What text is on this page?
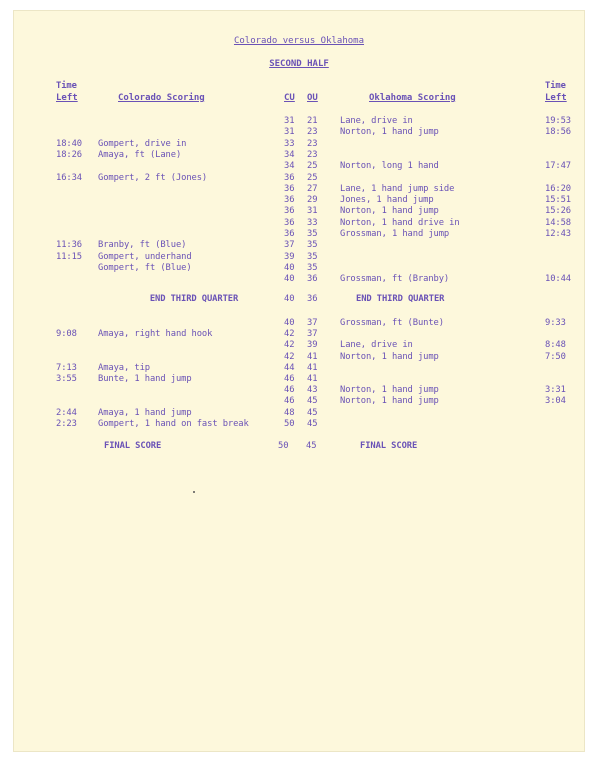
Colorado versus Oklahoma
SECOND HALF
Time
Left	Colorado Scoring	CU OU	Oklahoma Scoring
Time
Left
31 21	Lane, drive in	19:53
31 23	Norton, 1 hand jump	18:56
18:40 Gompert, drive in	33 23
18:26 Amaya, ft (Lane)	34 23
34 25	Norton, long 1 hand	17:47
16:34 Gompert, 2 ft (Jones)	36 25
36 27	Lane, 1 hand jump side	16:20
36 29	Jones, 1 hand jump	15:51
36 31	Norton, 1 hand jump	15:26
36 33	Norton, 1 hand drive in	14:58
36 35	Grossman, 1 hand jump	12:43
11:36 Branby, ft (Blue)	37 35
11:15 Gompert, underhand	39 35
Gompert, ft (Blue)	40 35
40 36	Grossman, ft (Branby)	10:44
END THIRD QUARTER	40 36	END THIRD QUARTER
40 37	Grossman, ft (Bunte)	9:33
9:08 Amaya, right hand hook	42 37
42 39	Lane, drive in	8:48
42 41	Norton, 1 hand jump	7:50
7:13 Amaya, tip	44 41
3:55 Bunte, 1 hand jump	46 41
46 43	Norton, 1 hand jump	3:31
46 45	Norton, 1 hand jump	3:04
2:44 Amaya, 1 hand jump	48 45
2:23 Gompert, 1 hand on fast break	50 45
FINAL SCORE	50 45	FINAL SCORE
